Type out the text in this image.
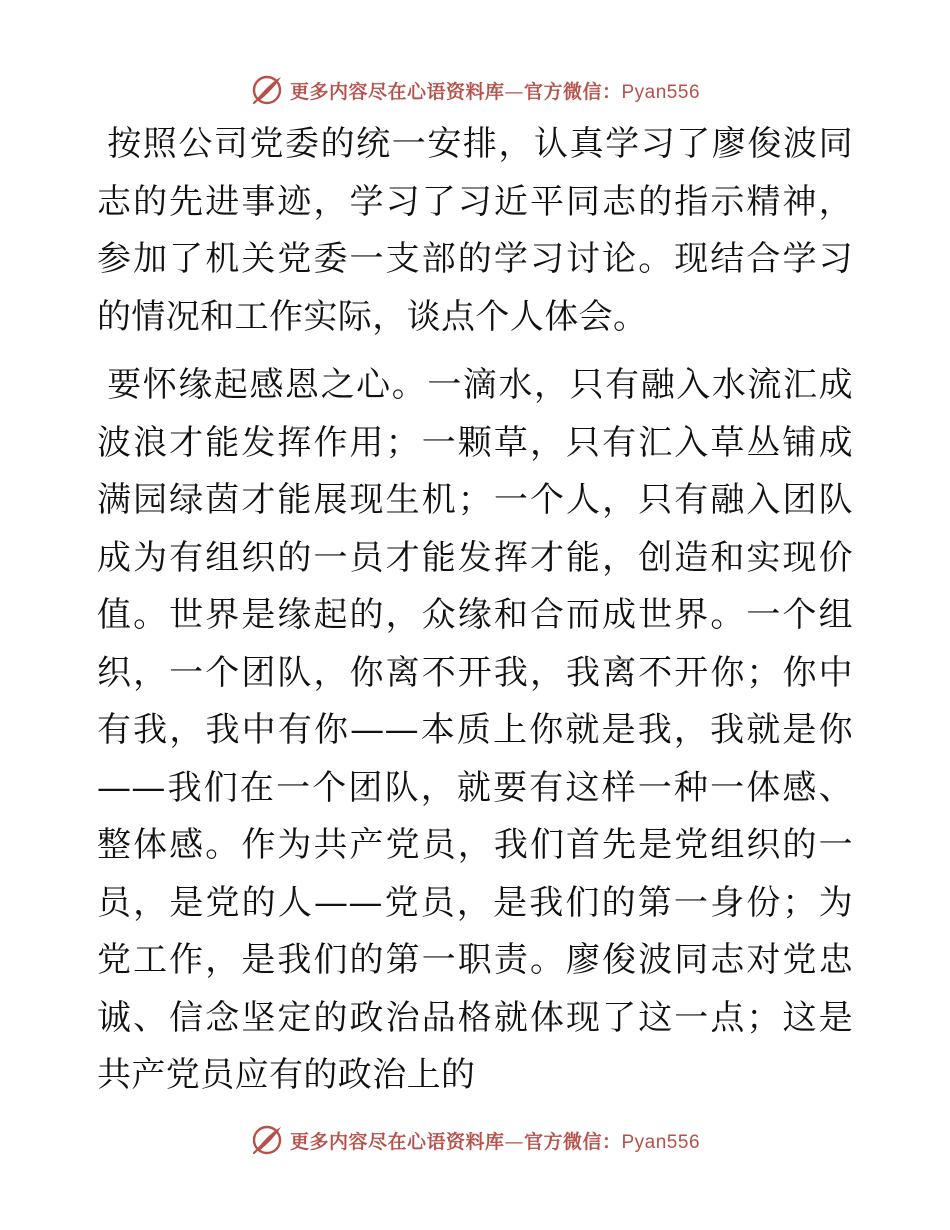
更多内容尽在心语资料库—官方微信：Pyan556

按照公司党委的统一安排，认真学习了廖俊波同志的先进事迹，学习了习近平同志的指示精神，参加了机关党委一支部的学习讨论。现结合学习的情况和工作实际，谈点个人体会。

要怀缘起感恩之心。一滴水，只有融入水流汇成波浪才能发挥作用；一颗草，只有汇入草丛铺成满园绿茵才能展现生机；一个人，只有融入团队成为有组织的一员才能发挥才能，创造和实现价值。世界是缘起的，众缘和合而成世界。一个组织，一个团队，你离不开我，我离不开你；你中有我，我中有你——本质上你就是我，我就是你——我们在一个团队，就要有这样一种一体感、整体感。作为共产党员，我们首先是党组织的一员，是党的人——党员，是我们的第一身份；为党工作，是我们的第一职责。廖俊波同志对党忠诚、信念坚定的政治品格就体现了这一点；这是共产党员应有的政治上的

更多内容尽在心语资料库—官方微信：Pyan556
